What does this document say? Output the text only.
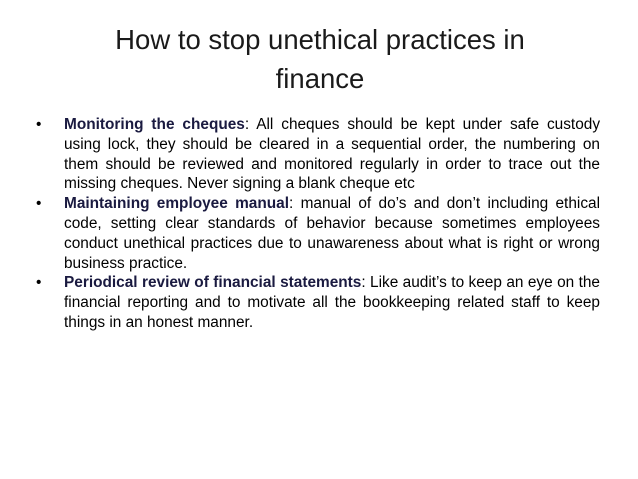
How to stop unethical practices in
finance
• Monitoring the cheques: All cheques should be kept under safe custody using lock, they should be cleared in a sequential order, the numbering on them should be reviewed and monitored regularly in order to trace out the missing cheques. Never signing a blank cheque etc
• Maintaining employee manual: manual of do’s and don’t including ethical code, setting clear standards of behavior because sometimes employees conduct unethical practices due to unawareness about what is right or wrong business practice.
• Periodical review of financial statements: Like audit’s to keep an eye on the financial reporting and to motivate all the bookkeeping related staff to keep things in an honest manner.
